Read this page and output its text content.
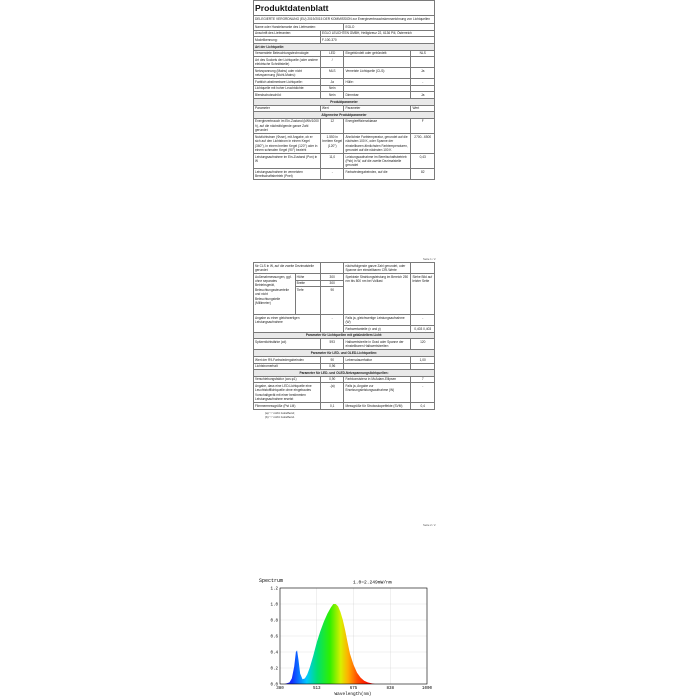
Produktdatenblatt			
DELEGIERTE VERORDNUNG (EU) 2019/2015 DER KOMMISSION zur Energieverbrauchskennzeichnung von Lichtquellen			
Name oder Handelsmarke des Lieferanten:		EGLO	
Anschrift des Lieferanten:	EGLO LEUCHTEN GMBH, Heiligkreuz 22, 6136 Pill, Österreich		
Modellkennung:	F-100-370		
Art der Lichtquelle:			
Verwendete Beleuchtungstechnologie:	LED	Eingebündelt oder gebündelt:	NLS
Art des Sockels der Lichtquelle (oder andere elektrische Schnittstelle)	/		
Netzspannung (Mains) oder nicht netzspannung (Nicht-Mains):	MLS	Vernetzte Lichtquelle (CLS):	Ja
Farblich abstimmbare Lichtquelle:	Ja	Hülle:	-
Lichtquelle mit hoher Leuchtdichte:	Nein		
Blendschutzschild:	Nein	Dimmbar:	Ja
Produktparameter			
Parameter	Wert	Parameter	Wert
Allgemeine Produktparameter			
Energieverbrauch im Ein-Zustand (kWh/1000 h), auf die nächstfolgende ganze Zahl gerundet	12	Energieeffizienzklasse	F
Nutzlichtstrom (Φuse), mit Angabe, ob er sich auf den Lichtstrom in einem Kegel (360°), in einem breiten Kegel (120°) oder in einem schmalen Kegel (90°) bezieht	1.550 in breitem Kegel (120°)	Ähnlichste Farbtemperatur, gerundet auf die nächsten 100 K, oder Spanne der einstellbaren ähnlichsten Farbtemperaturen, gerundet auf die nächsten 100 K	2700...6500
Leistungsaufnahme im Ein-Zustand (Pon) in W	11,0	Leistungsaufnahme im Bereitschaftsbetrieb (Psb) in W, auf die zweite Dezimalstelle gerundet	0,43
Leistungsaufnahme im vernetzten Bereitschaftsbetrieb (Pnet)	-	Farbwiedergabeindex, auf die	82
Seite 1 / 2
für CLS in W, auf die zweite Dezimalstelle gerundet			nächstfolgende ganze Zahl gerundet, oder Spanne der einstellbaren CRI-Werte	
Außenabmessungen, ggf. ohne separates Betriebsgerät, Beleuchtungssteuerteile und nicht Beleuchtungsteile (Millimeter)	Höhe	300	Spektrale Strahlungsleistung im Bereich 250 nm bis 800 nm bei Volllast	Siehe Bild auf letzter Seite
	Breite	300		
	Tiefe	90		
Angabe zu einer gleichwertigen Leistungsaufnahme		-	Falls ja, gleichwertige Leistungsaufnahme (W)	-
			Farbwertanteile (x und y)	0,403 0,403
Parameter für Lichtquellen mit gebündeltem Licht:				
Spitzenlichtstärke (cd)		593	Halbwertsbreite in Grad oder Spanne der einstellbaren Halbwertsbreiten	120
Parameter für LED- und OLED-Lichtquellen:				
Wert der R9-Farbwiedergabeindex		90	Lebensdauerfaktor	1,00
Lichtstromerhalt		0,96		
Parameter für LED- und OLED-Netzspannungslichtquellen:				
Verschiebungsfaktor (cos φ1)		0,90	Farbkonsistenz in McAdam-Ellipsen	7
Angabe, dass eine LED-Lichtquelle eine Leuchtstofflichtquelle ohne eingebautes Vorschaltgerät mit einer bestimmten Leistungsaufnahme ersetzt		-(a)	Falls ja, Angabe zur Ersetzungsleistungsaufnahme (W)	-
Flimmermessgröße (Pst LM)		0,1	Messgröße für Stroboskopeffekte (SVM)	0,4
(a) "-" nicht zutreffend;
(b) "-" nicht zutreffend.
Seite 2 / 2
Spectrum	1.0=2.249mW/nm
0.0
0.2
0.4
0.6
0.8
1.0
1.2
380	513	675	838	1000
Wavelength(nm)
